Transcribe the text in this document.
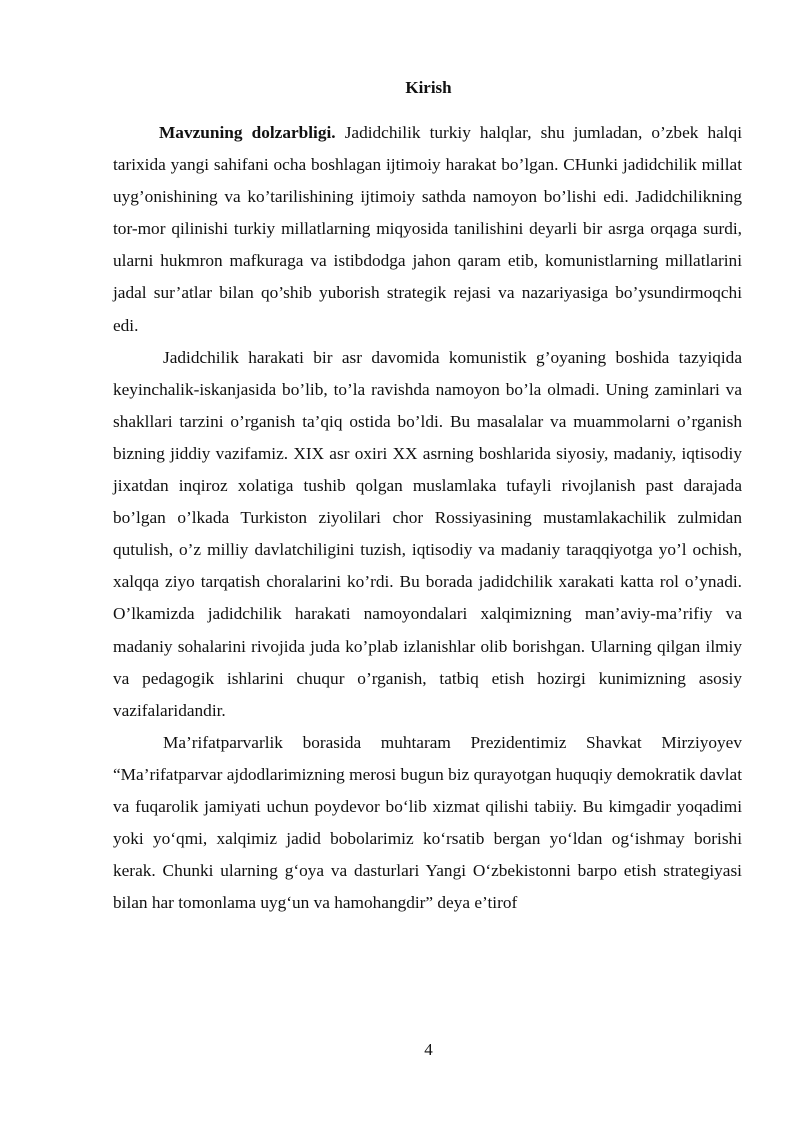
Kirish

Mavzuning dolzarbligi. Jadidchilik turkiy halqlar, shu jumladan, o’zbek halqi tarixida yangi sahifani ocha boshlagan ijtimoiy harakat bo’lgan. CHunki jadidchilik millat uyg’onishining va ko’tarilishining ijtimoiy sathda namoyon bo’lishi edi. Jadidchilikning tor-mor qilinishi turkiy millatlarning miqyosida tanilishini deyarli bir asrga orqaga surdi, ularni hukmron mafkuraga va istibdodga jahon qaram etib, komunistlarning millatlarini jadal sur’atlar bilan qo’shib yuborish strategik rejasi va nazariyasiga bo’ysundirmoqchi edi.

Jadidchilik harakati bir asr davomida komunistik g’oyaning boshida tazyiqida keyinchalik-iskanjasida bo’lib, to’la ravishda namoyon bo’la olmadi. Uning zaminlari va shakllari tarzini o’rganish ta’qiq ostida bo’ldi. Bu masalalar va muammolarni o’rganish bizning jiddiy vazifamiz. XIX asr oxiri XX asrning boshlarida siyosiy, madaniy, iqtisodiy jixatdan inqiroz xolatiga tushib qolgan muslamlaka tufayli rivojlanish past darajada bo’lgan o’lkada Turkiston ziyolilari chor Rossiyasining mustamlakachilik zulmidan qutulish, o’z milliy davlatchiligini tuzish, iqtisodiy va madaniy taraqqiyotga yo’l ochish, xalqqa ziyo tarqatish choralarini ko’rdi. Bu borada jadidchilik xarakati katta rol o’ynadi. O’lkamizda jadidchilik harakati namoyondalari xalqimizning man’aviy-ma’rifiy va madaniy sohalarini rivojida juda ko’plab izlanishlar olib borishgan. Ularning qilgan ilmiy va pedagogik ishlarini chuqur o’rganish, tatbiq etish hozirgi kunimizning asosiy vazifalaridandir.

Ma’rifatparvarlik borasida muhtaram Prezidentimiz Shavkat Mirziyoyev “Ma’rifatparvar ajdodlarimizning merosi bugun biz qurayotgan huquqiy demokratik davlat va fuqarolik jamiyati uchun poydevor bo‘lib xizmat qilishi tabiiy. Bu kimgadir yoqadimi yoki yo‘qmi, xalqimiz jadid bobolarimiz ko‘rsatib bergan yo‘ldan og‘ishmay borishi kerak. Chunki ularning g‘oya va dasturlari Yangi O‘zbekistonni barpo etish strategiyasi bilan har tomonlama uyg‘un va hamohangdir” deya e’tirof

4
